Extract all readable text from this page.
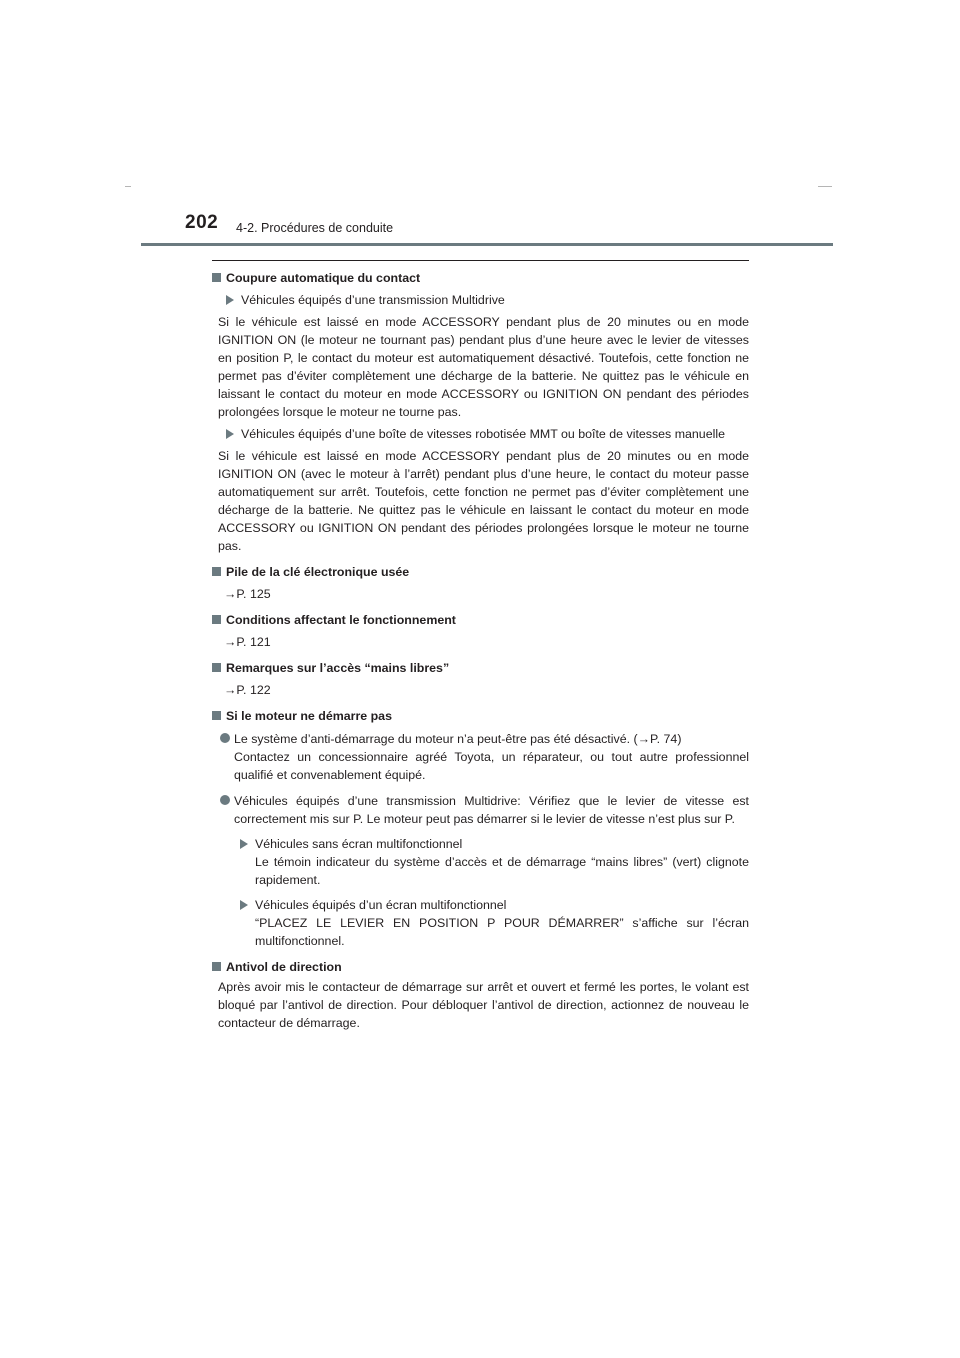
202 4-2. Procédures de conduite
Coupure automatique du contact
Véhicules équipés d’une transmission Multidrive
Si le véhicule est laissé en mode ACCESSORY pendant plus de 20 minutes ou en mode IGNITION ON (le moteur ne tournant pas) pendant plus d’une heure avec le levier de vitesses en position P, le contact du moteur est automatiquement désactivé. Toutefois, cette fonction ne permet pas d’éviter complètement une décharge de la batterie. Ne quittez pas le véhicule en laissant le contact du moteur en mode ACCESSORY ou IGNITION ON pendant des périodes prolongées lorsque le moteur ne tourne pas.
Véhicules équipés d’une boîte de vitesses robotisée MMT ou boîte de vitesses manuelle
Si le véhicule est laissé en mode ACCESSORY pendant plus de 20 minutes ou en mode IGNITION ON (avec le moteur à l’arrêt) pendant plus d’une heure, le contact du moteur passe automatiquement sur arrêt. Toutefois, cette fonction ne permet pas d’éviter complètement une décharge de la batterie. Ne quittez pas le véhicule en laissant le contact du moteur en mode ACCESSORY ou IGNITION ON pendant des périodes prolongées lorsque le moteur ne tourne pas.
Pile de la clé électronique usée
→P. 125
Conditions affectant le fonctionnement
→P. 121
Remarques sur l’accès “mains libres”
→P. 122
Si le moteur ne démarre pas
Le système d’anti-démarrage du moteur n’a peut-être pas été désactivé. (→P. 74)
Contactez un concessionnaire agréé Toyota, un réparateur, ou tout autre professionnel qualifié et convenablement équipé.
Véhicules équipés d’une transmission Multidrive: Vérifiez que le levier de vitesse est correctement mis sur P. Le moteur peut pas démarrer si le levier de vitesse n’est plus sur P.
Véhicules sans écran multifonctionnel
Le témoin indicateur du système d’accès et de démarrage “mains libres” (vert) clignote rapidement.
Véhicules équipés d’un écran multifonctionnel
“PLACEZ LE LEVIER EN POSITION P POUR DÉMARRER” s’affiche sur l’écran multifonctionnel.
Antivol de direction
Après avoir mis le contacteur de démarrage sur arrêt et ouvert et fermé les portes, le volant est bloqué par l’antivol de direction. Pour débloquer l’antivol de direction, actionnez de nouveau le contacteur de démarrage.
